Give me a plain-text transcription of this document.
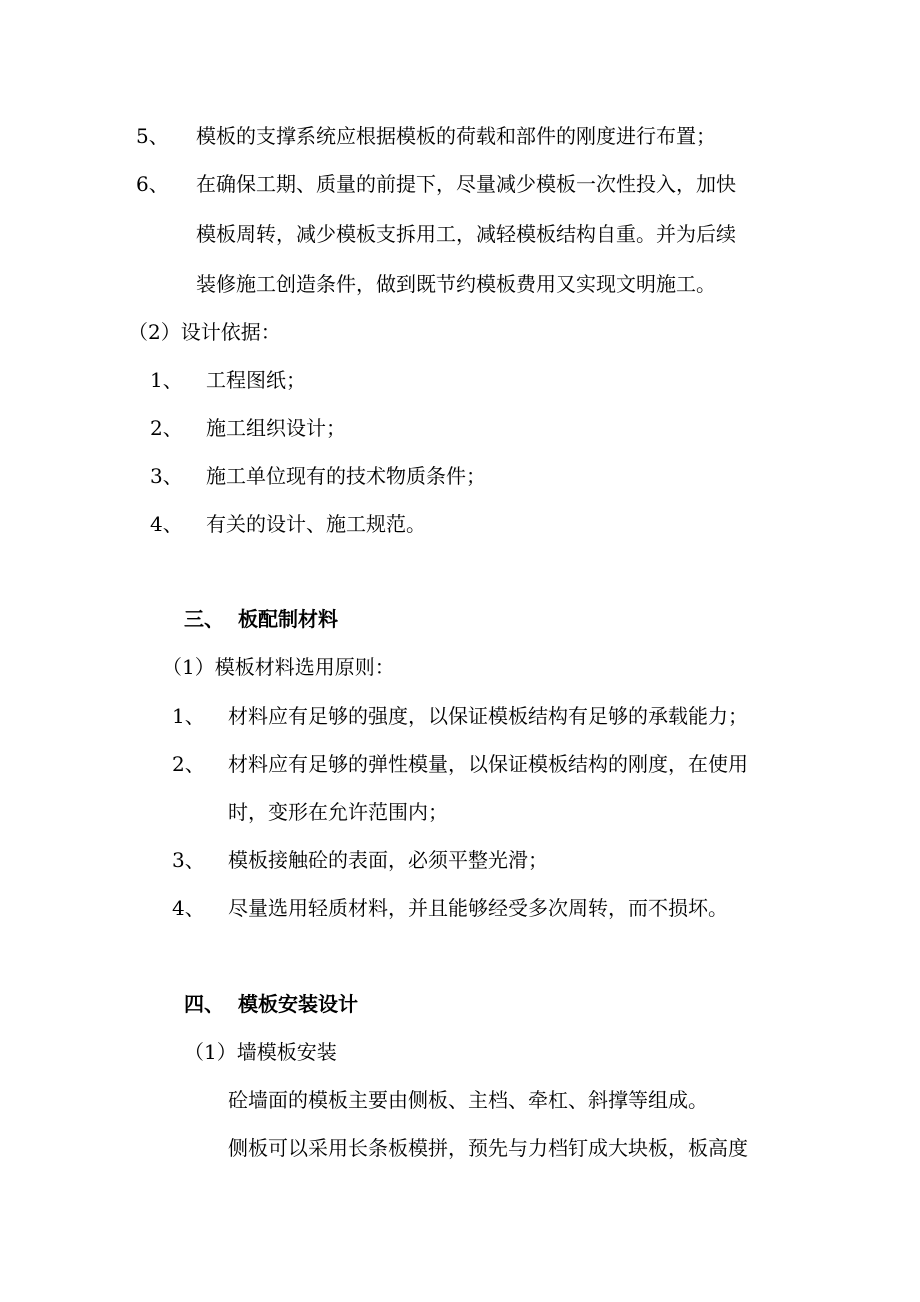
5、 模板的支撑系统应根据模板的荷载和部件的刚度进行布置；
6、 在确保工期、质量的前提下，尽量减少模板一次性投入，加快
模板周转，减少模板支拆用工，减轻模板结构自重。并为后续
装修施工创造条件，做到既节约模板费用又实现文明施工。
（2）设计依据：
1、 工程图纸；
2、 施工组织设计；
3、 施工单位现有的技术物质条件；
4、 有关的设计、施工规范。
三、 板配制材料
（1）模板材料选用原则：
1、 材料应有足够的强度，以保证模板结构有足够的承载能力；
2、 材料应有足够的弹性模量，以保证模板结构的刚度，在使用
时，变形在允许范围内；
3、 模板接触砼的表面，必须平整光滑；
4、 尽量选用轻质材料，并且能够经受多次周转，而不损坏。
四、 模板安装设计
（1）墙模板安装
砼墙面的模板主要由侧板、主档、牵杠、斜撑等组成。
侧板可以采用长条板模拼，预先与力档钉成大块板，板高度
